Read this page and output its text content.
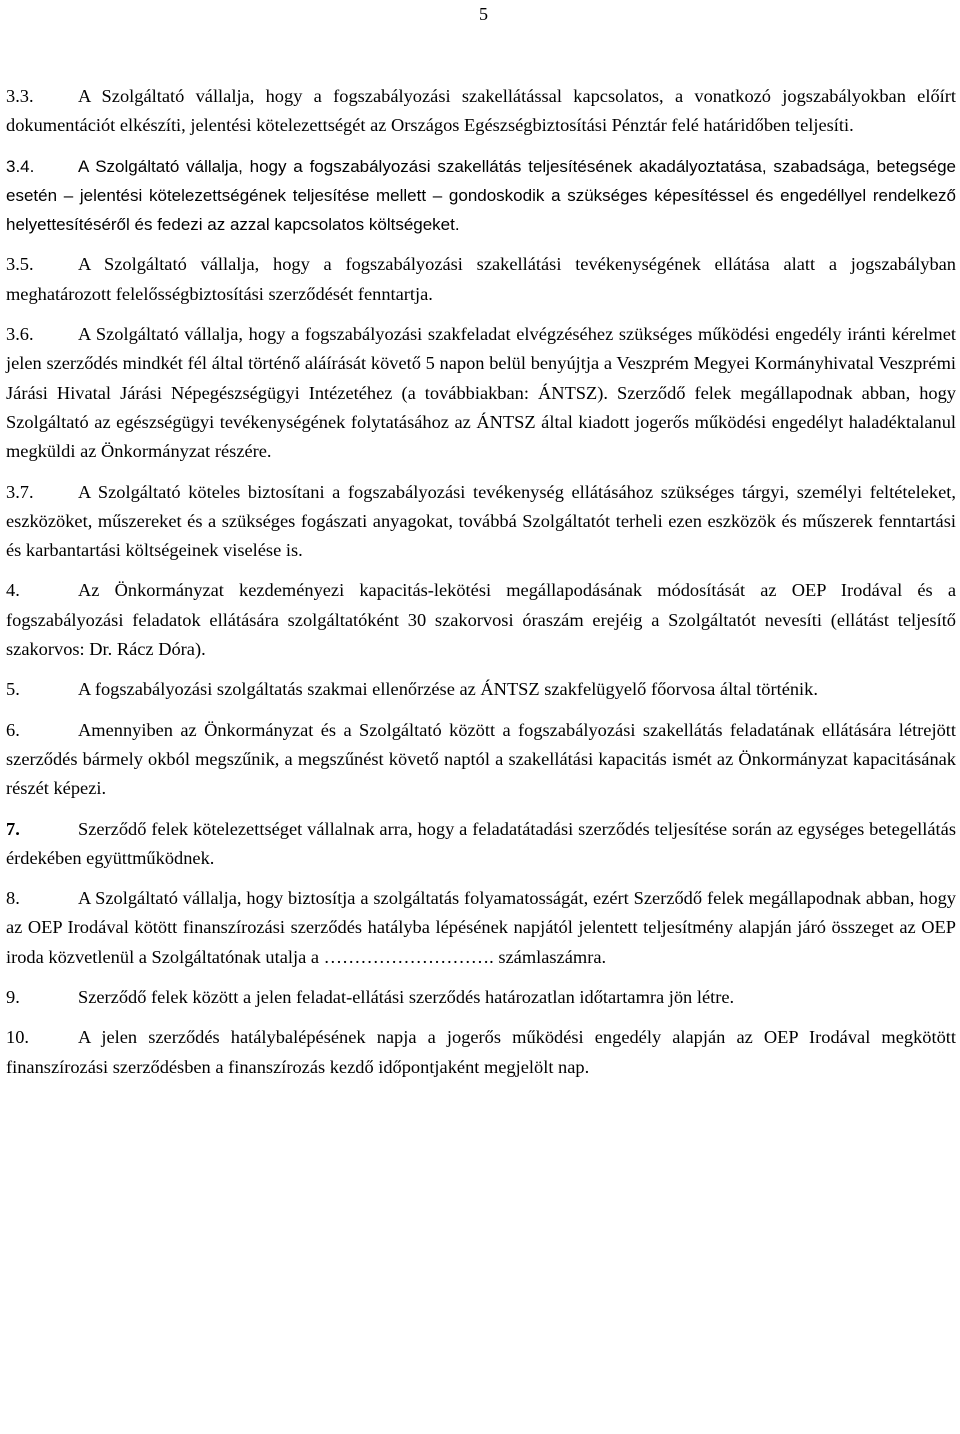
5

3.3. A Szolgáltató vállalja, hogy a fogszabályozási szakellátással kapcsolatos, a vonatkozó jogszabályokban előírt dokumentációt elkészíti, jelentési kötelezettségét az Országos Egészségbiztosítási Pénztár felé határidőben teljesíti.

3.4.	A Szolgáltató vállalja, hogy a fogszabályozási szakellátás teljesítésének akadályoztatása, szabadsága, betegsége esetén – jelentési kötelezettségének teljesítése mellett – gondoskodik a szükséges képesítéssel és engedéllyel rendelkező helyettesítéséről és fedezi az azzal kapcsolatos költségeket.

3.5. A Szolgáltató vállalja, hogy a fogszabályozási szakellátási tevékenységének ellátása alatt a jogszabályban meghatározott felelősségbiztosítási szerződését fenntartja.

3.6. A Szolgáltató vállalja, hogy a fogszabályozási szakfeladat elvégzéséhez szükséges működési engedély iránti kérelmet jelen szerződés mindkét fél által történő aláírását követő 5 napon belül benyújtja a Veszprém Megyei Kormányhivatal Veszprémi Járási Hivatal Járási Népegészségügyi Intézetéhez (a továbbiakban: ÁNTSZ). Szerződő felek megállapodnak abban, hogy Szolgáltató az egészségügyi tevékenységének folytatásához az ÁNTSZ által kiadott jogerős működési engedélyt haladéktalanul megküldi az Önkormányzat részére.

3.7. A Szolgáltató köteles biztosítani a fogszabályozási tevékenység ellátásához szükséges tárgyi, személyi feltételeket, eszközöket, műszereket és a szükséges fogászati anyagokat, továbbá Szolgáltatót terheli ezen eszközök és műszerek fenntartási és karbantartási költségeinek viselése is.

4.	Az Önkormányzat kezdeményezi kapacitás-lekötési megállapodásának módosítását az OEP Irodával és a fogszabályozási feladatok ellátására szolgáltatóként 30 szakorvosi óraszám erejéig a Szolgáltatót nevesíti (ellátást teljesítő szakorvos: Dr. Rácz Dóra).

5.	A fogszabályozási szolgáltatás szakmai ellenőrzése az ÁNTSZ szakfelügyelő főorvosa által történik.

6.	Amennyiben az Önkormányzat és a Szolgáltató között a fogszabályozási szakellátás feladatának ellátására létrejött szerződés bármely okból megszűnik, a megszűnést követő naptól a szakellátási kapacitás ismét az Önkormányzat kapacitásának részét képezi.

7.	Szerződő felek kötelezettséget vállalnak arra, hogy a feladatátadási szerződés teljesítése során az egységes betegellátás érdekében együttműködnek.

8.	A Szolgáltató vállalja, hogy biztosítja a szolgáltatás folyamatosságát, ezért Szerződő felek megállapodnak abban, hogy az OEP Irodával kötött finanszírozási szerződés hatályba lépésének napjától jelentett teljesítmény alapján járó összeget az OEP iroda közvetlenül a Szolgáltatónak utalja a ………………………. számlaszámra.

9.	Szerződő felek között a jelen feladat-ellátási szerződés határozatlan időtartamra jön létre.

10.	A jelen szerződés hatálybalépésének napja a jogerős működési engedély alapján az OEP Irodával megkötött finanszírozási szerződésben a finanszírozás kezdő időpontjaként megjelölt nap.
